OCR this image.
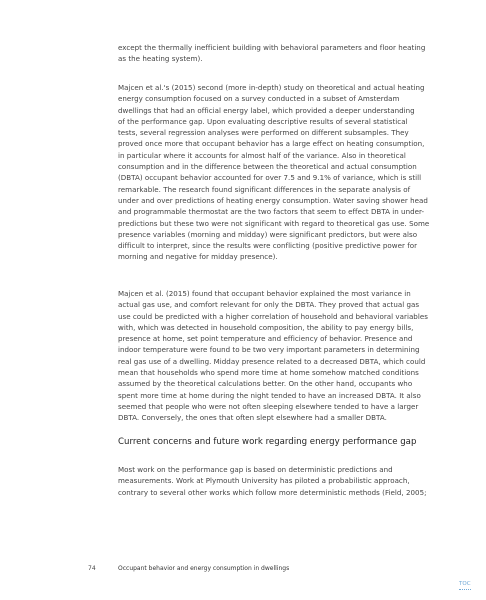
except the thermally inefficient building with behavioral parameters and floor heating
as the heating system).

Majcen et al.'s (2015) second (more in-depth) study on theoretical and actual heating
energy consumption focused on a survey conducted in a subset of Amsterdam
dwellings that had an official energy label, which provided a deeper understanding
of the performance gap. Upon evaluating descriptive results of several statistical
tests, several regression analyses were performed on different subsamples. They
proved once more that occupant behavior has a large effect on heating consumption,
in particular where it accounts for almost half of the variance. Also in theoretical
consumption and in the difference between the theoretical and actual consumption
(DBTA) occupant behavior accounted for over 7.5 and 9.1% of variance, which is still
remarkable. The research found significant differences in the separate analysis of
under and over predictions of heating energy consumption. Water saving shower head
and programmable thermostat are the two factors that seem to effect DBTA in under-
predictions but these two were not significant with regard to theoretical gas use. Some
presence variables (morning and midday) were significant predictors, but were also
difficult to interpret, since the results were conflicting (positive predictive power for
morning and negative for midday presence).

Majcen et al. (2015) found that occupant behavior explained the most variance in
actual gas use, and comfort relevant for only the DBTA. They proved that actual gas
use could be predicted with a higher correlation of household and behavioral variables
with, which was detected in household composition, the ability to pay energy bills,
presence at home, set point temperature and efficiency of behavior. Presence and
indoor temperature were found to be two very important parameters in determining
real gas use of a dwelling. Midday presence related to a decreased DBTA, which could
mean that households who spend more time at home somehow matched conditions
assumed by the theoretical calculations better. On the other hand, occupants who
spent more time at home during the night tended to have an increased DBTA. It also
seemed that people who were not often sleeping elsewhere tended to have a larger
DBTA. Conversely, the ones that often slept elsewhere had a smaller DBTA.

Current concerns and future work regarding energy performance gap

Most work on the performance gap is based on deterministic predictions and
measurements. Work at Plymouth University has piloted a probabilistic approach,
contrary to several other works which follow more deterministic methods (Field, 2005;

74	Occupant behavior and energy consumption in dwellings
TOC
